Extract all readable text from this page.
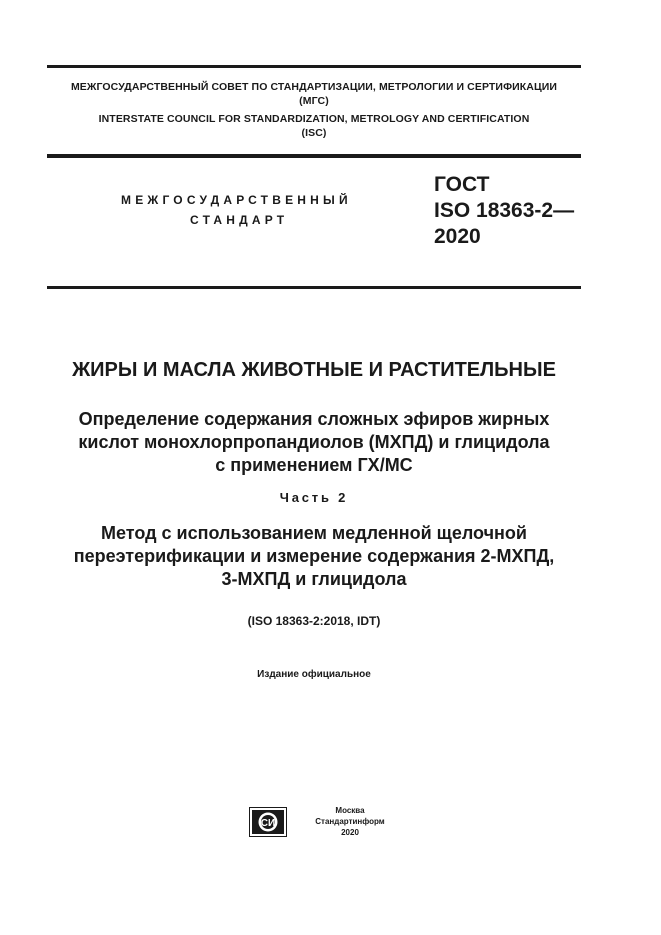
МЕЖГОСУДАРСТВЕННЫЙ СОВЕТ ПО СТАНДАРТИЗАЦИИ, МЕТРОЛОГИИ И СЕРТИФИКАЦИИ
(МГС)
INTERSTATE COUNCIL FOR STANDARDIZATION, METROLOGY AND CERTIFICATION
(ISC)
МЕЖГОСУДАРСТВЕННЫЙ
СТАНДАРТ
ГОСТ
ISO 18363-2—
2020
ЖИРЫ И МАСЛА ЖИВОТНЫЕ И РАСТИТЕЛЬНЫЕ
Определение содержания сложных эфиров жирных
кислот монохлорпропандиолов (МХПД) и глицидола
с применением ГХ/МС
Часть 2
Метод с использованием медленной щелочной
переэтерификации и измерение содержания 2-МХПД,
3-МХПД и глицидола
(ISO 18363-2:2018, IDT)
Издание официальное
СИ
Москва
Стандартинформ
2020
